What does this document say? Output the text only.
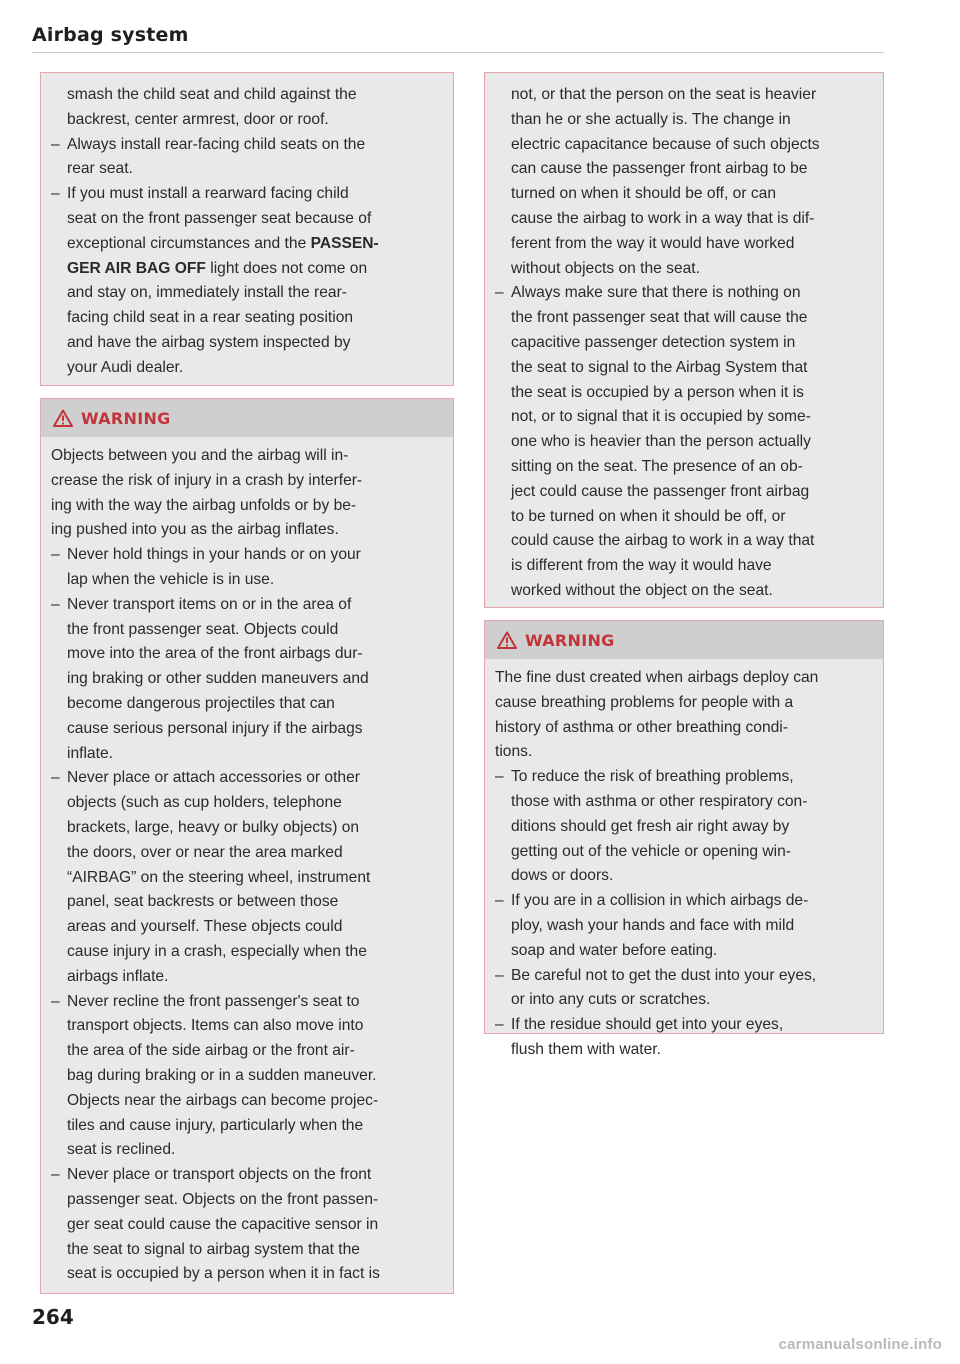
Airbag system

smash the child seat and child against the

backrest, center armrest, door or roof.

– Always install rear-facing child seats on the
rear seat.
– If you must install a rearward facing child
seat on the front passenger seat because of
exceptional circumstances and the PASSEN-
GER AIR BAG OFF light does not come on
and stay on, immediately install the rear-
facing child seat in a rear seating position
and have the airbag system inspected by
your Audi dealer.
WARNING

Objects between you and the airbag will in-

crease the risk of injury in a crash by interfer-

ing with the way the airbag unfolds or by be-

ing pushed into you as the airbag inflates.

– Never hold things in your hands or on your
lap when the vehicle is in use.
– Never transport items on or in the area of
the front passenger seat. Objects could
move into the area of the front airbags dur-
ing braking or other sudden maneuvers and
become dangerous projectiles that can
cause serious personal injury if the airbags
inflate.
– Never place or attach accessories or other
objects (such as cup holders, telephone
brackets, large, heavy or bulky objects) on
the doors, over or near the area marked
“AIRBAG” on the steering wheel, instrument
panel, seat backrests or between those
areas and yourself. These objects could
cause injury in a crash, especially when the
airbags inflate.
– Never recline the front passenger's seat to
transport objects. Items can also move into
the area of the side airbag or the front air-
bag during braking or in a sudden maneuver.
Objects near the airbags can become projec-
tiles and cause injury, particularly when the
seat is reclined.
– Never place or transport objects on the front
passenger seat. Objects on the front passen-
ger seat could cause the capacitive sensor in
the seat to signal to airbag system that the
seat is occupied by a person when it in fact is

not, or that the person on the seat is heavier

than he or she actually is. The change in

electric capacitance because of such objects

can cause the passenger front airbag to be

turned on when it should be off, or can

cause the airbag to work in a way that is dif-

ferent from the way it would have worked

without objects on the seat.

– Always make sure that there is nothing on
the front passenger seat that will cause the
capacitive passenger detection system in
the seat to signal to the Airbag System that
the seat is occupied by a person when it is
not, or to signal that it is occupied by some-
one who is heavier than the person actually
sitting on the seat. The presence of an ob-
ject could cause the passenger front airbag
to be turned on when it should be off, or
could cause the airbag to work in a way that
is different from the way it would have
worked without the object on the seat.
WARNING

The fine dust created when airbags deploy can

cause breathing problems for people with a

history of asthma or other breathing condi-

tions.

– To reduce the risk of breathing problems,
those with asthma or other respiratory con-
ditions should get fresh air right away by
getting out of the vehicle or opening win-
dows or doors.
– If you are in a collision in which airbags de-
ploy, wash your hands and face with mild
soap and water before eating.
– Be careful not to get the dust into your eyes,
or into any cuts or scratches.
– If the residue should get into your eyes,
flush them with water.

264

carmanualsonline.info
